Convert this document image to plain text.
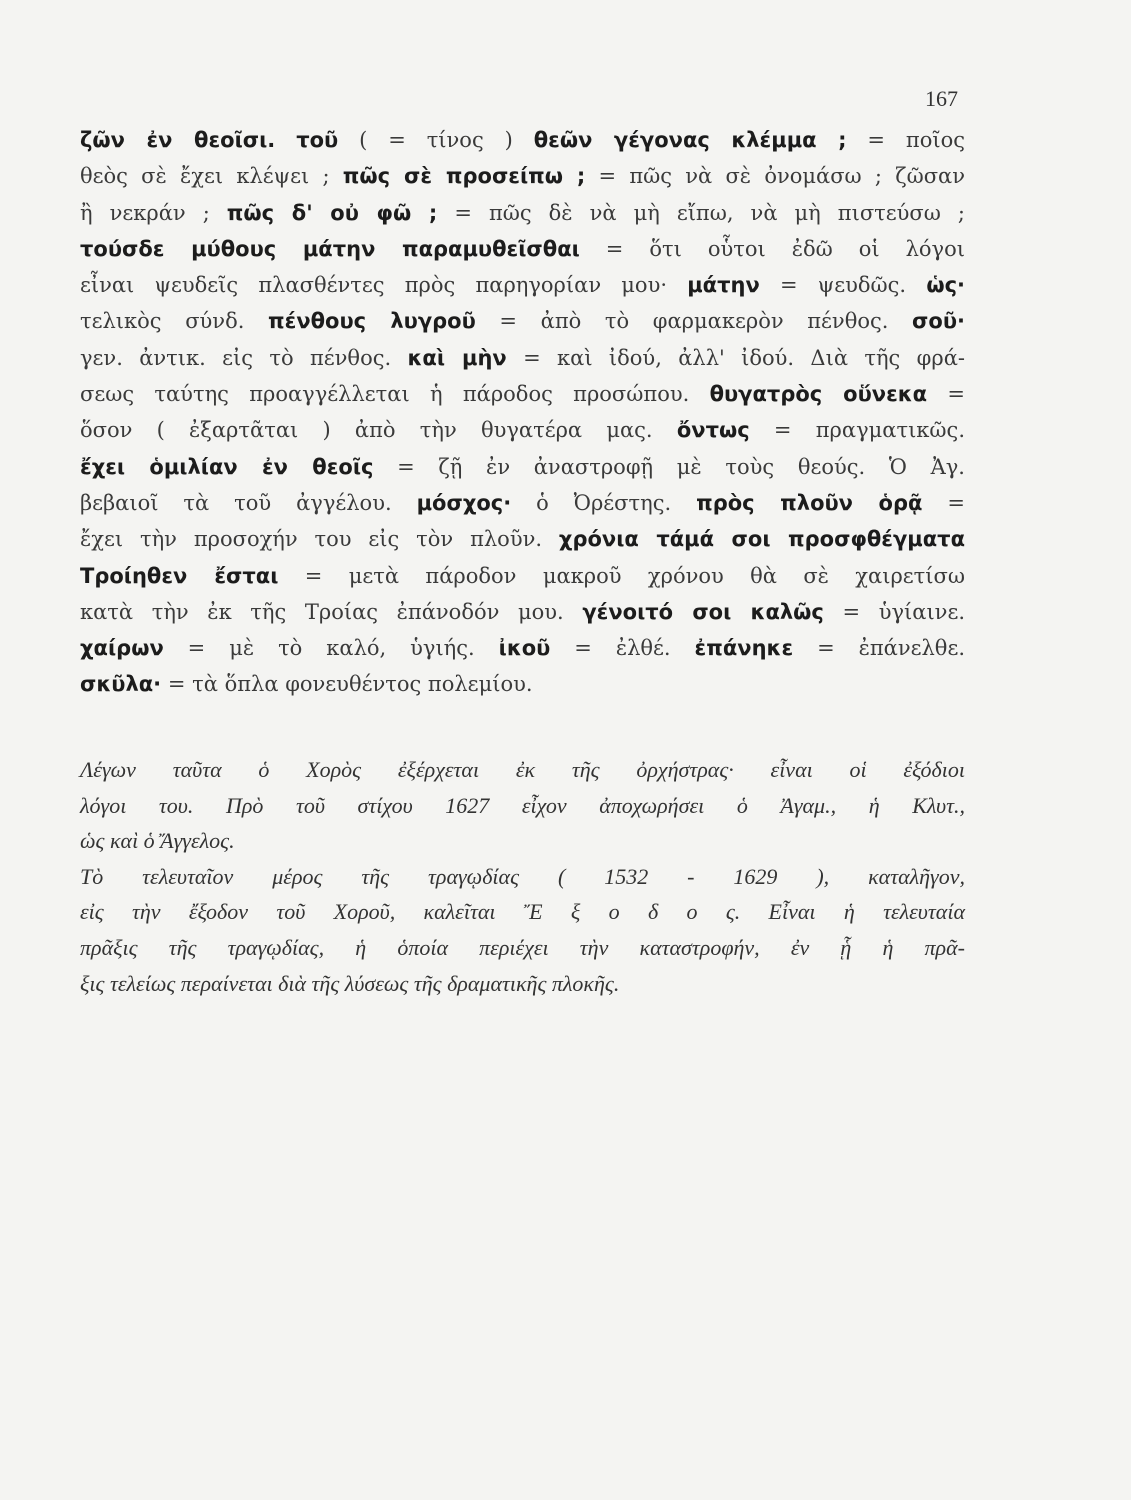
167
ζῶν ἐν θεοῖσι. τοῦ ( = τίνος ) θεῶν γέγονας κλέμμα ; = ποῖος
θεὸς σὲ ἔχει κλέψει ; πῶς σὲ προσείπω ; = πῶς νὰ σὲ ὀνομάσω ; ζῶσαν
ἢ νεκράν ; πῶς δ' οὐ φῶ ; = πῶς δὲ νὰ μὴ εἴπω, νὰ μὴ πιστεύσω ;
τούσδε μύθους μάτην παραμυθεῖσθαι = ὅτι οὗτοι ἐδῶ οἱ λόγοι
εἶναι ψευδεῖς πλασθέντες πρὸς παρηγορίαν μου· μάτην = ψευδῶς. ὡς·
τελικὸς σύνδ. πένθους λυγροῦ = ἀπὸ τὸ φαρμακερὸν πένθος. σοῦ·
γεν. ἀντικ. εἰς τὸ πένθος. καὶ μὴν = καὶ ἰδού, ἀλλ' ἰδού. Διὰ τῆς φρά-
σεως ταύτης προαγγέλλεται ἡ πάροδος προσώπου. θυγατρὸς οὕνεκα =
ὅσον ( ἐξαρτᾶται ) ἀπὸ τὴν θυγατέρα μας. ὄντως = πραγματικῶς.
ἔχει ὁμιλίαν ἐν θεοῖς = ζῇ ἐν ἀναστροφῇ μὲ τοὺς θεούς. Ὁ Ἀγ.
βεβαιοῖ τὰ τοῦ ἀγγέλου. μόσχος· ὁ Ὀρέστης. πρὸς πλοῦν ὁρᾷ =
ἔχει τὴν προσοχήν του εἰς τὸν πλοῦν. χρόνια τάμά σοι προσφθέγματα
Τροίηθεν ἔσται = μετὰ πάροδον μακροῦ χρόνου θὰ σὲ χαιρετίσω
κατὰ τὴν ἐκ τῆς Τροίας ἐπάνοδόν μου. γένοιτό σοι καλῶς = ὑγίαινε.
χαίρων = μὲ τὸ καλό, ὑγιής. ἰκοῦ = ἐλθέ. ἐπάνηκε = ἐπάνελθε.
σκῦλα· = τὰ ὅπλα φονευθέντος πολεμίου.
Λέγων ταῦτα ὁ Χορὸς ἐξέρχεται ἐκ τῆς ὀρχήστρας· εἶναι οἱ ἐξόδιοι
λόγοι του. Πρὸ τοῦ στίχου 1627 εἶχον ἀποχωρήσει ὁ Ἀγαμ., ἡ Κλυτ.,
ὡς καὶ ὁ Ἄγγελος.
Τὸ τελευταῖον μέρος τῆς τραγῳδίας ( 1532 - 1629 ), καταλῆγον,
εἰς τὴν ἔξοδον τοῦ Χοροῦ, καλεῖται Ἔ ξ ο δ ο ς. Εἶναι ἡ τελευταία
πρᾶξις τῆς τραγῳδίας, ἡ ὁποία περιέχει τὴν καταστροφήν, ἐν ᾗ ἡ πρᾶ-
ξις τελείως περαίνεται διὰ τῆς λύσεως τῆς δραματικῆς πλοκῆς.
